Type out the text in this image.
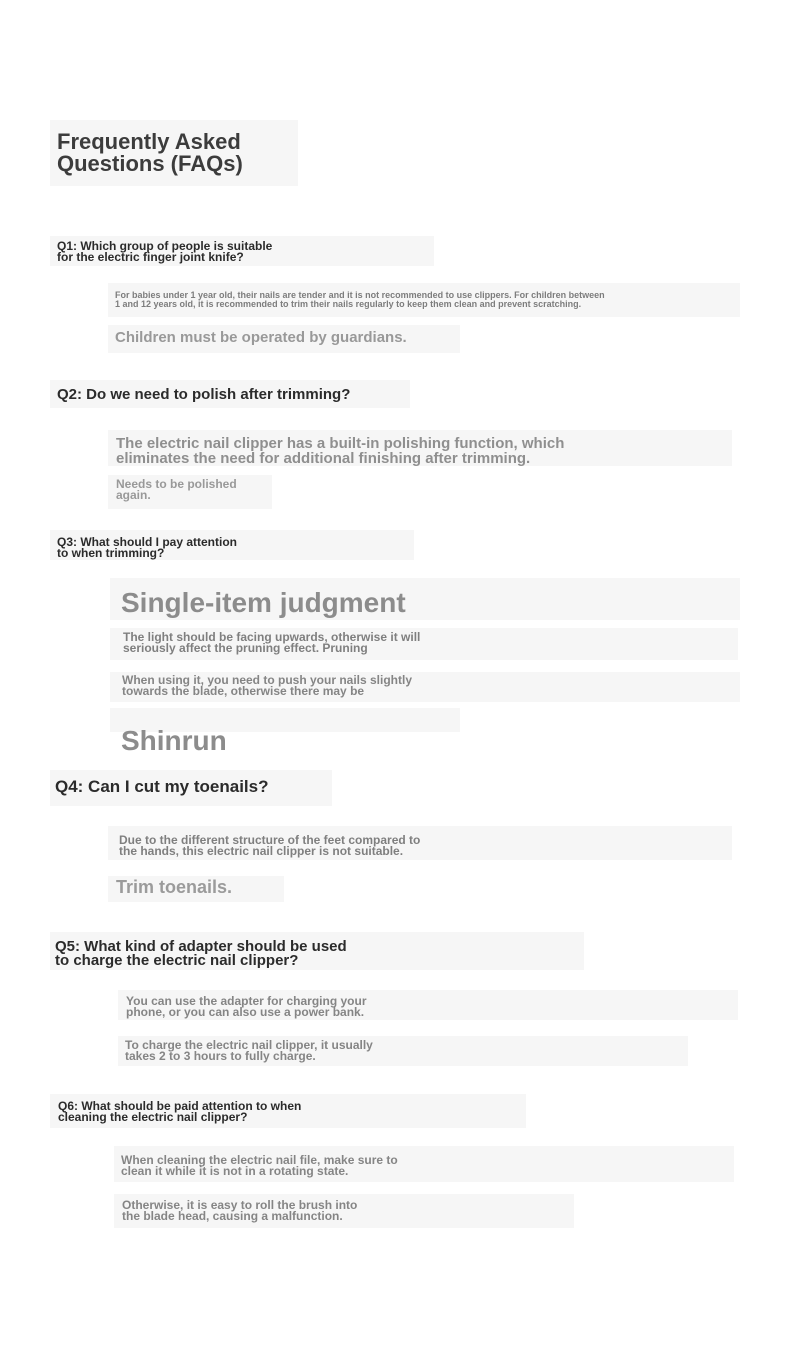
Frequently Asked
Questions (FAQs)
Q1: Which group of people is suitable
for the electric finger joint knife?
For babies under 1 year old, their nails are tender and it is not recommended to use clippers. For children between
1 and 12 years old, it is recommended to trim their nails regularly to keep them clean and prevent scratching.
Children must be operated by guardians.
Q2: Do we need to polish after trimming?
The electric nail clipper has a built-in polishing function, which
eliminates the need for additional finishing after trimming.
Needs to be polished
again.
Q3: What should I pay attention
to when trimming?
Single-item judgment
The light should be facing upwards, otherwise it will
seriously affect the pruning effect. Pruning
When using it, you need to push your nails slightly
towards the blade, otherwise there may be
Shinrun
Q4: Can I cut my toenails?
Due to the different structure of the feet compared to
the hands, this electric nail clipper is not suitable.
Trim toenails.
Q5: What kind of adapter should be used
to charge the electric nail clipper?
You can use the adapter for charging your
phone, or you can also use a power bank.
To charge the electric nail clipper, it usually
takes 2 to 3 hours to fully charge.
Q6: What should be paid attention to when
cleaning the electric nail clipper?
When cleaning the electric nail file, make sure to
clean it while it is not in a rotating state.
Otherwise, it is easy to roll the brush into
the blade head, causing a malfunction.
